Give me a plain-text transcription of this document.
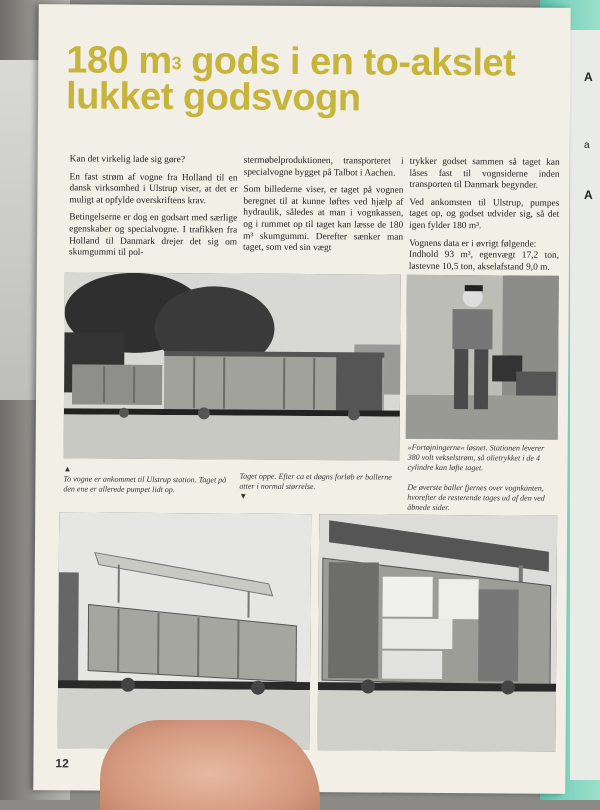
A
a
A
180 $m^3$ gods i en to-akslet
lukket godsvogn

Kan det virkelig lade sig gøre?

En fast strøm af vogne fra Holland til en dansk virksomhed i Ulstrup viser, at det er muligt at opfylde overskriftens krav.

Betingelserne er dog en godsart med særlige egenskaber og specialvogne. I trafikken fra Holland til Danmark drejer det sig om skumgummi til pol-

stermøbelproduktionen, transporteret i specialvogne bygget på Talbot i Aachen.

Som billederne viser, er taget på vognen beregnet til at kunne løftes ved hjælp af hydraulik, således at man i vognkassen, og i rummet op til taget kan læsse de 180 m³ skumgummi. Derefter sænker man taget, som ved sin vægt

trykker godset sammen så taget kan låses fast til vognsiderne inden transporten til Danmark begynder.

Ved ankomsten til Ulstrup, pumpes taget op, og godset udvider sig, så det igen fylder 180 m³.

Vognens data er i øvrigt følgende:

Indhold 93 m³, egenvægt 17,2 ton, lastevne 10,5 ton, akselafstand 9,0 m.

▲
To vogne er ankommet til Ulstrup station. Taget på den ene er allerede pumpet lidt op.
Taget oppe. Efter ca et døgns forløb er ballerne atter i normal størrelse.
▼
»Fortøjningerne« løsnet. Stationen leverer 380 volt vekselstrøm, så olietrykket i de 4 cylindre kan løfte taget.
De øverste baller fjernes over vognkanten, hvorefter de resterende tages ud af den ved åbnede sider.
12
